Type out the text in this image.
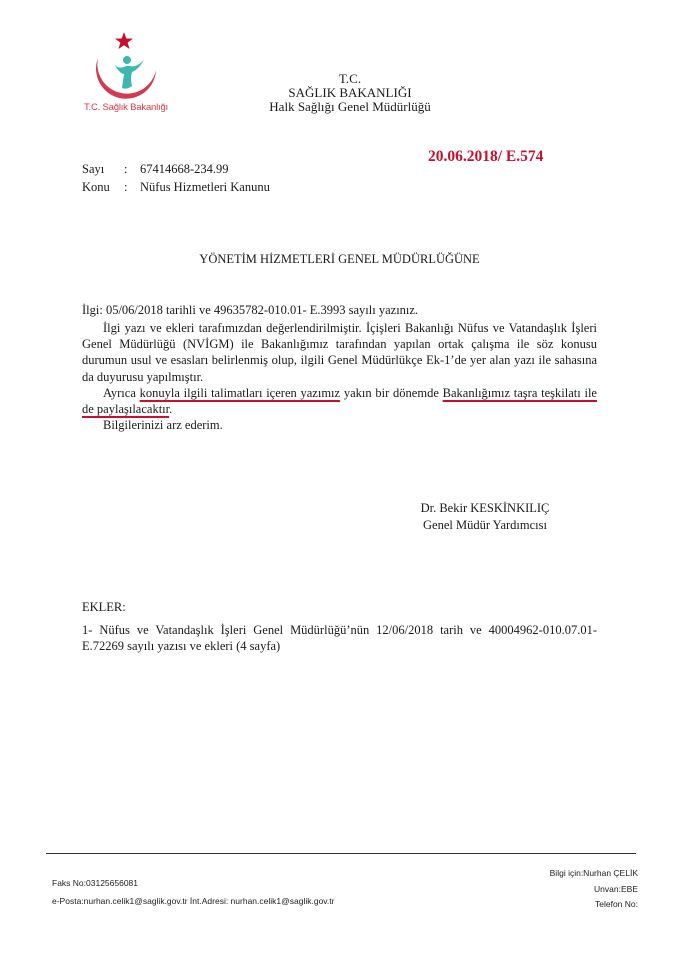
T.C. Sağlık Bakanlığı
T.C.
SAĞLIK BAKANLIĞI
Halk Sağlığı Genel Müdürlüğü
20.06.2018/ E.574
Sayı : 67414668-234.99
Konu : Nüfus Hizmetleri Kanunu
YÖNETİM HİZMETLERİ GENEL MÜDÜRLÜĞÜNE
İlgi: 05/06/2018 tarihli ve 49635782-010.01- E.3993 sayılı yazınız.

İlgi yazı ve ekleri tarafımızdan değerlendirilmiştir. İçişleri Bakanlığı Nüfus ve Vatandaşlık İşleri Genel Müdürlüğü (NVİGM) ile Bakanlığımız tarafından yapılan ortak çalışma ile söz konusu durumun usul ve esasları belirlenmiş olup, ilgili Genel Müdürlükçe Ek-1’de yer alan yazı ile sahasına da duyurusu yapılmıştır.

Ayrıca konuyla ilgili talimatları içeren yazımız yakın bir dönemde Bakanlığımız taşra teşkilatı ile de paylaşılacaktır.

Bilgilerinizi arz ederim.

Dr. Bekir KESKİNKILIÇ
Genel Müdür Yardımcısı
EKLER:
1- Nüfus ve Vatandaşlık İşleri Genel Müdürlüğü’nün 12/06/2018 tarih ve 40004962-010.07.01-E.72269 sayılı yazısı ve ekleri (4 sayfa)
Faks No:03125656081
e-Posta:nurhan.celik1@saglik.gov.tr İnt.Adresi: nurhan.celik1@saglik.gov.tr
Bilgi için:Nurhan ÇELİK
Unvan:EBE
Telefon No:
